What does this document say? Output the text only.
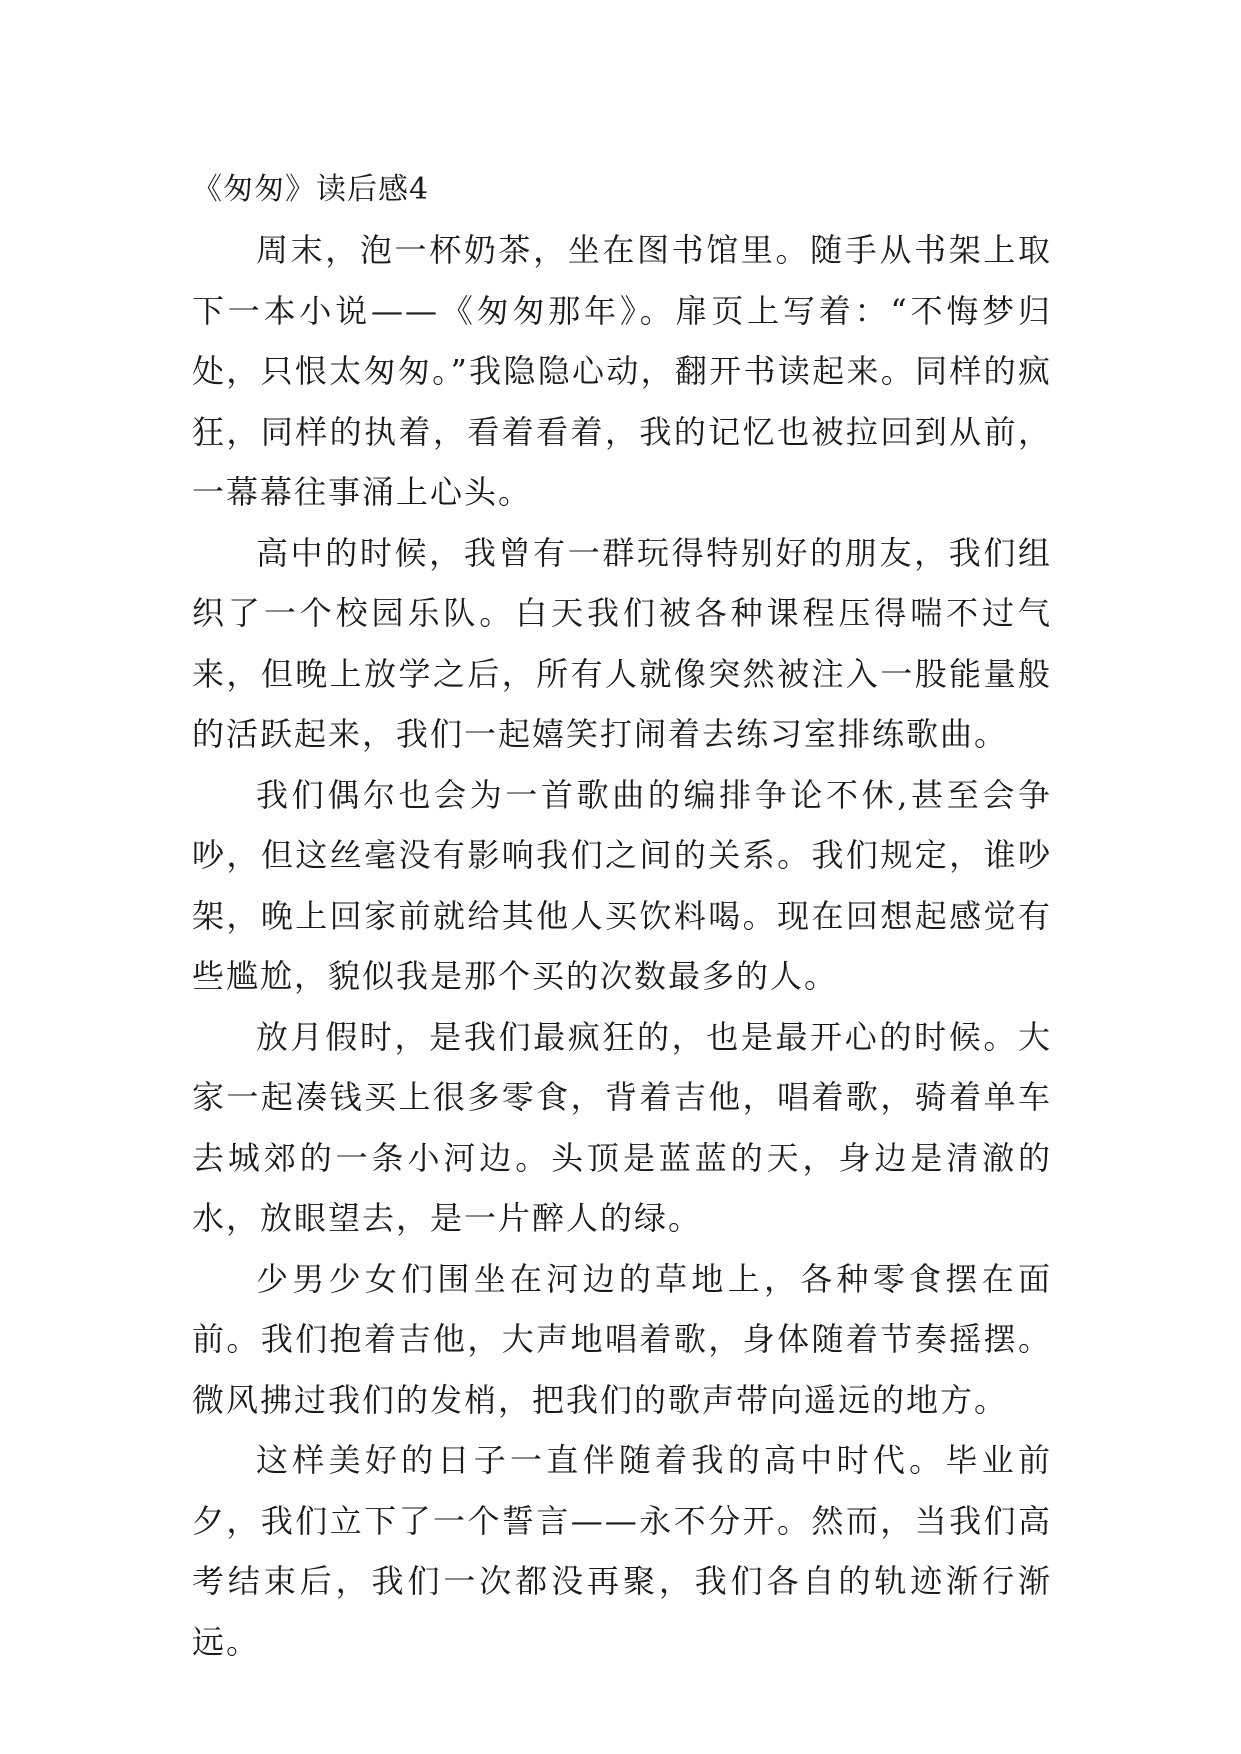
《匆匆》读后感4

周末，泡一杯奶茶，坐在图书馆里。随手从书架上取下一本小说——《匆匆那年》。扉页上写着：“不悔梦归处，只恨太匆匆。”我隐隐心动，翻开书读起来。同样的疯狂，同样的执着，看着看着，我的记忆也被拉回到从前，一幕幕往事涌上心头。

高中的时候，我曾有一群玩得特别好的朋友，我们组织了一个校园乐队。白天我们被各种课程压得喘不过气来，但晚上放学之后，所有人就像突然被注入一股能量般的活跃起来，我们一起嬉笑打闹着去练习室排练歌曲。

我们偶尔也会为一首歌曲的编排争论不休,甚至会争吵，但这丝毫没有影响我们之间的关系。我们规定，谁吵架，晚上回家前就给其他人买饮料喝。现在回想起感觉有些尴尬，貌似我是那个买的次数最多的人。

放月假时，是我们最疯狂的，也是最开心的时候。大家一起凑钱买上很多零食，背着吉他，唱着歌，骑着单车去城郊的一条小河边。头顶是蓝蓝的天，身边是清澈的水，放眼望去，是一片醉人的绿。

少男少女们围坐在河边的草地上，各种零食摆在面前。我们抱着吉他，大声地唱着歌，身体随着节奏摇摆。微风拂过我们的发梢，把我们的歌声带向遥远的地方。

这样美好的日子一直伴随着我的高中时代。毕业前夕，我们立下了一个誓言——永不分开。然而，当我们高考结束后，我们一次都没再聚，我们各自的轨迹渐行渐远。
